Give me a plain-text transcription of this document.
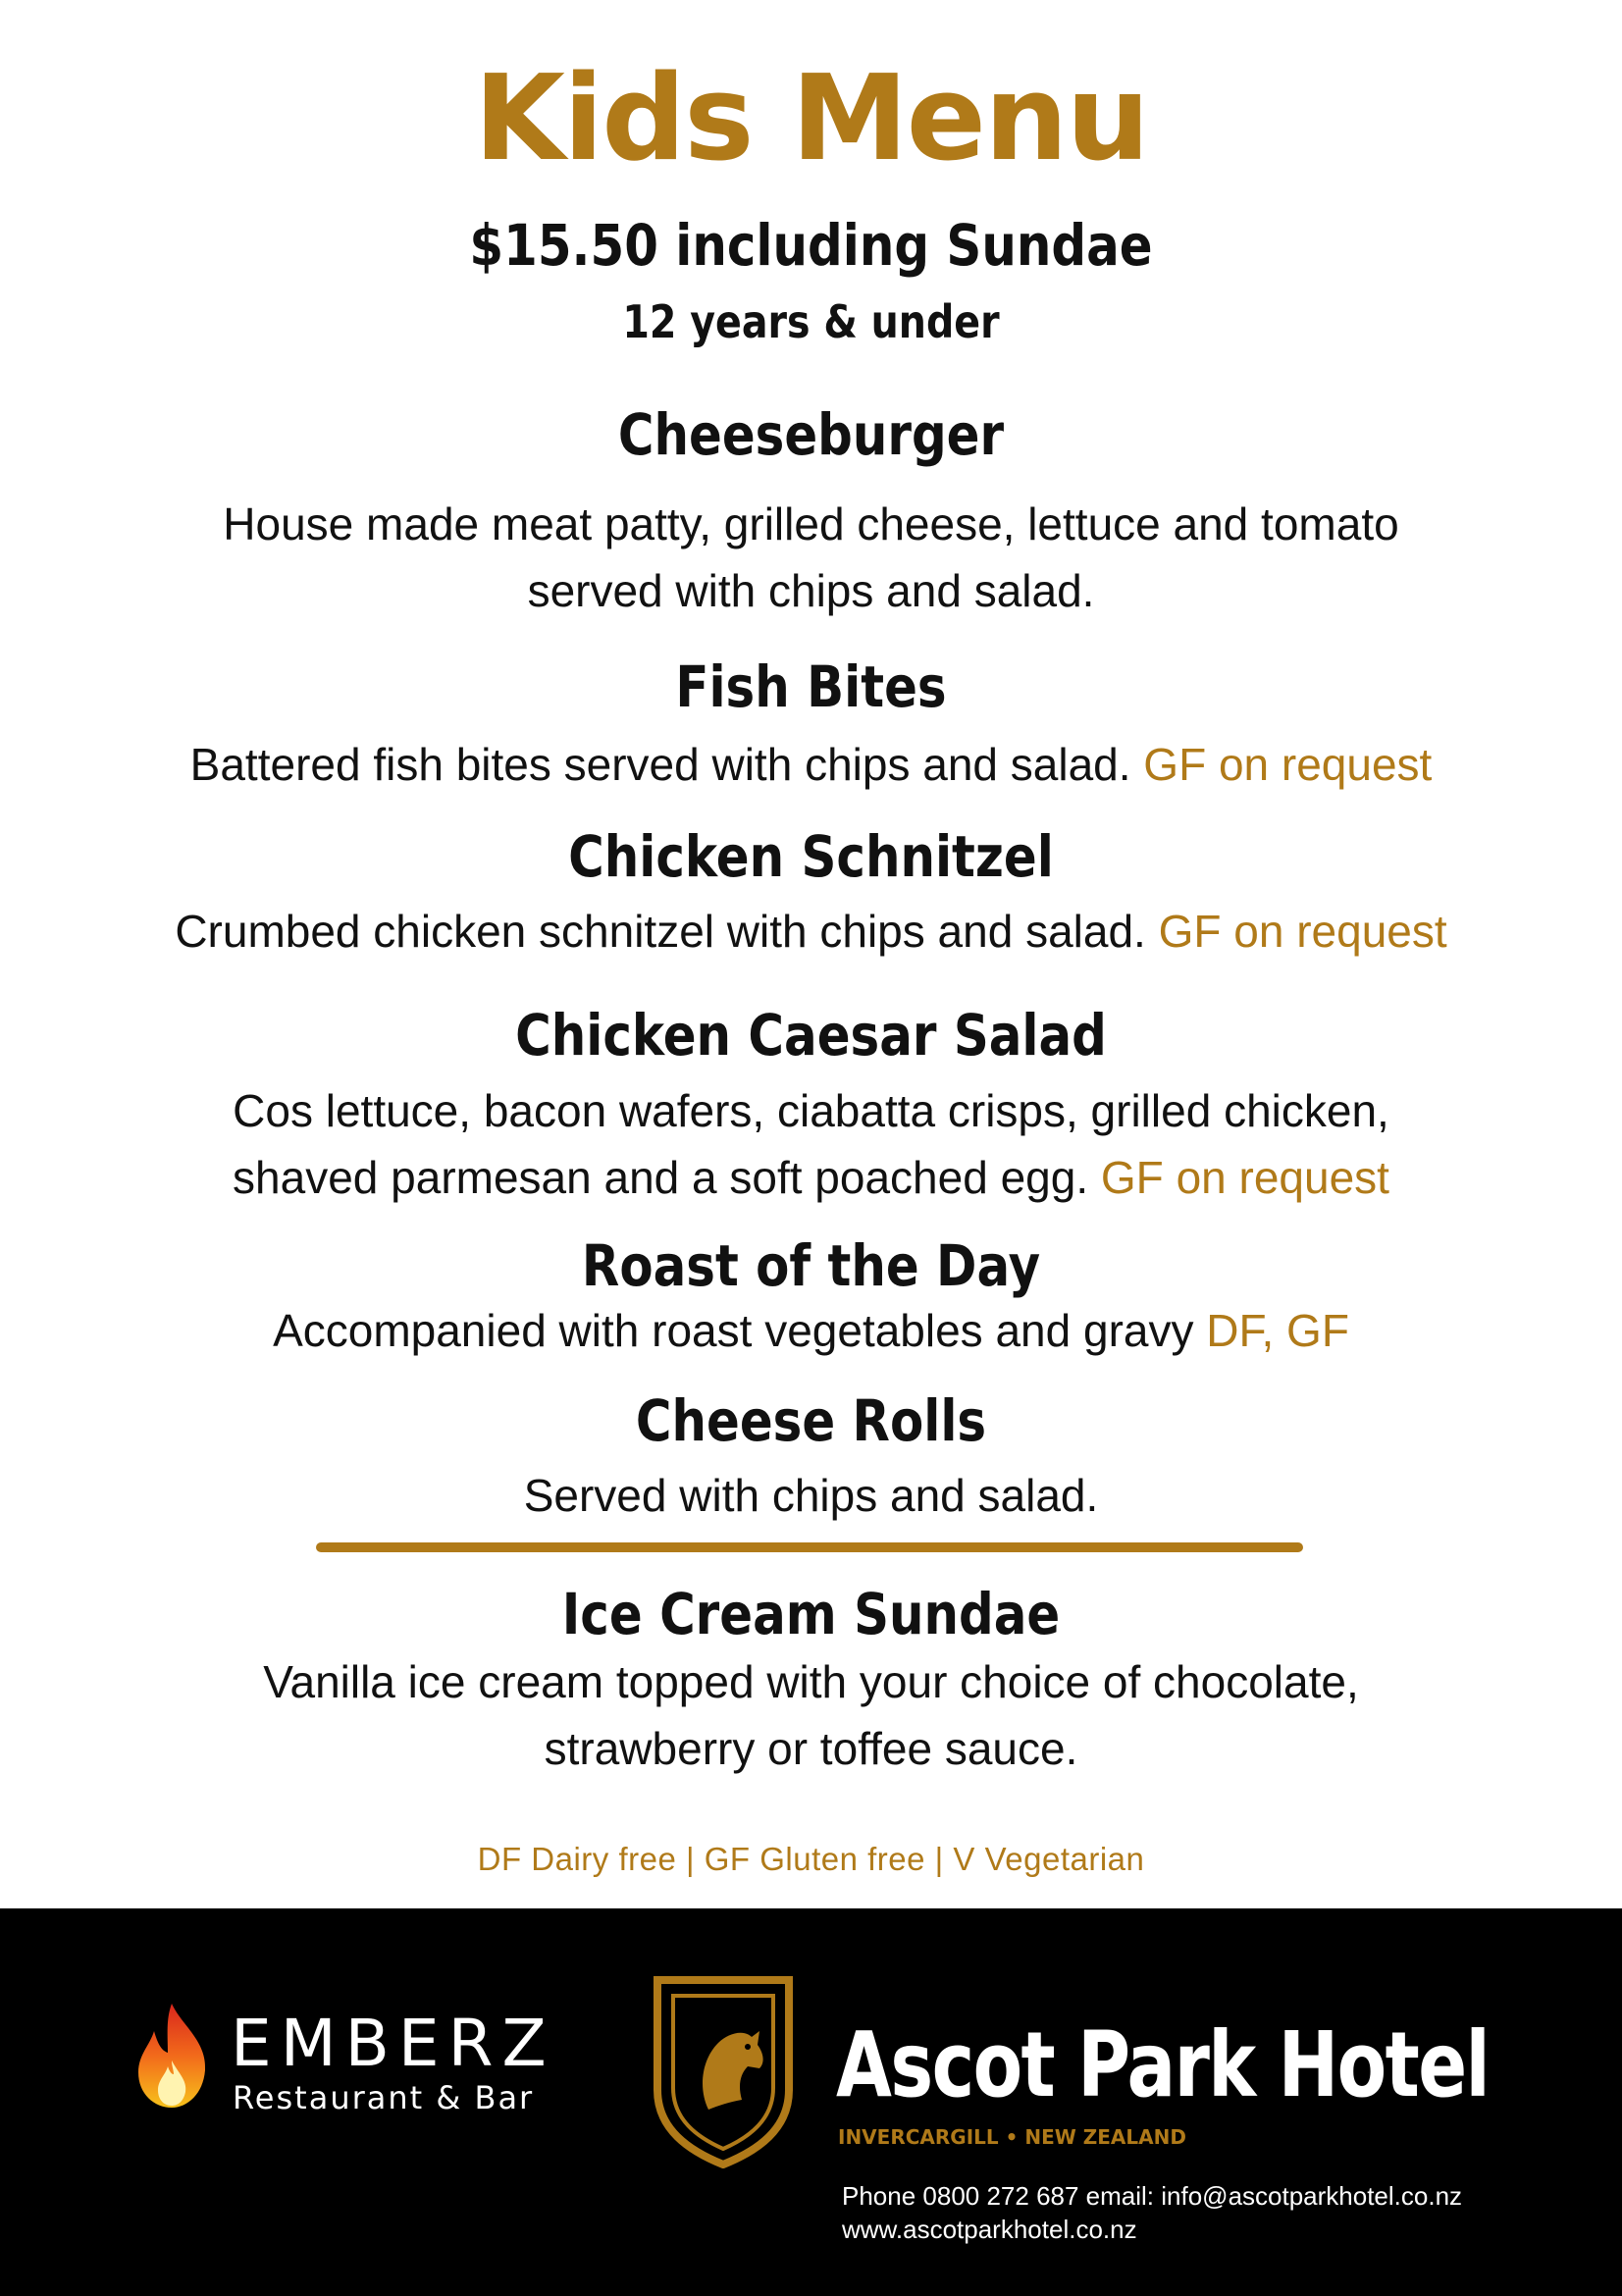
Kids Menu
$15.50 including Sundae
12 years & under
Cheeseburger
House made meat patty, grilled cheese, lettuce and tomato
served with chips and salad.
Fish Bites
Battered fish bites served with chips and salad. GF on request
Chicken Schnitzel
Crumbed chicken schnitzel with chips and salad. GF on request
Chicken Caesar Salad
Cos lettuce, bacon wafers, ciabatta crisps, grilled chicken,
shaved parmesan and a soft poached egg. GF on request
Roast of the Day
Accompanied with roast vegetables and gravy DF, GF
Cheese Rolls
Served with chips and salad.
Ice Cream Sundae
Vanilla ice cream topped with your choice of chocolate,
strawberry or toffee sauce.
DF Dairy free | GF Gluten free | V Vegetarian
EMBERZ
Restaurant & Bar	Ascot Park Hotel
INVERCARGILL • NEW ZEALAND
Phone 0800 272 687 email: info@ascotparkhotel.co.nz
www.ascotparkhotel.co.nz
